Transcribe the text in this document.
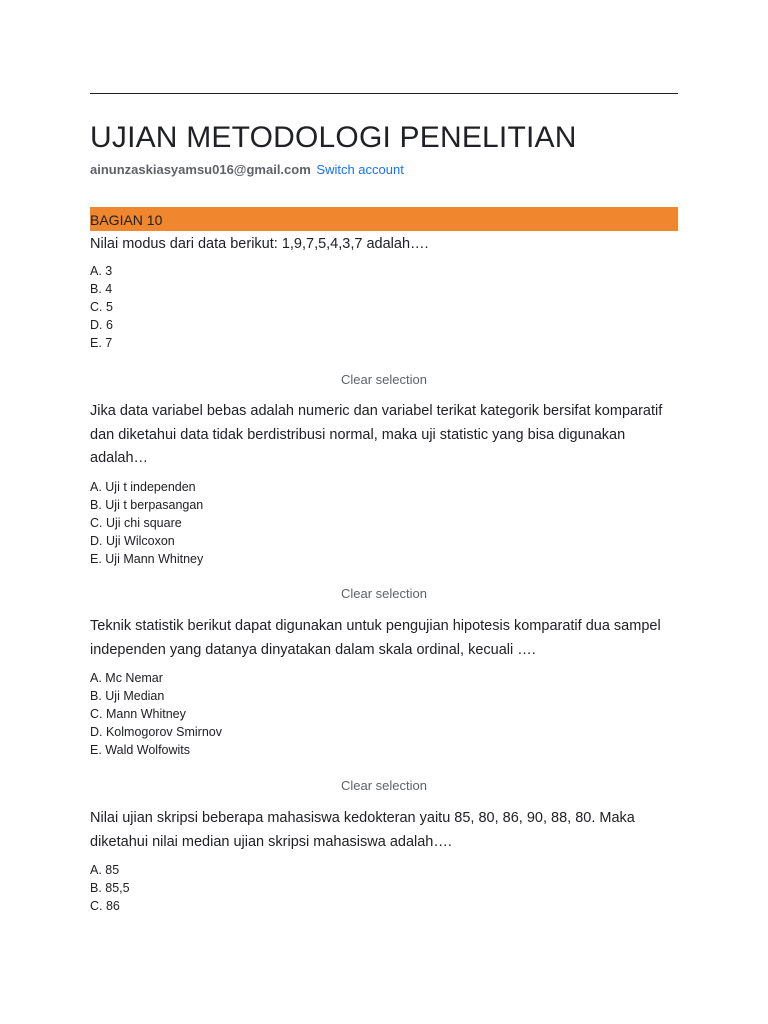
UJIAN METODOLOGI PENELITIAN
ainunzaskiasyamsu016@gmail.com Switch account
BAGIAN 10

Nilai modus dari data berikut: 1,9,7,5,4,3,7 adalah….

A. 3
B. 4
C. 5
D. 6
E. 7
Clear selection

Jika data variabel bebas adalah numeric dan variabel terikat kategorik bersifat komparatif dan diketahui data tidak berdistribusi normal, maka uji statistic yang bisa digunakan adalah…

A. Uji t independen
B. Uji t berpasangan
C. Uji chi square
D. Uji Wilcoxon
E. Uji Mann Whitney
Clear selection

Teknik statistik berikut dapat digunakan untuk pengujian hipotesis komparatif dua sampel independen yang datanya dinyatakan dalam skala ordinal, kecuali ….

A. Mc Nemar
B. Uji Median
C. Mann Whitney
D. Kolmogorov Smirnov
E. Wald Wolfowits
Clear selection

Nilai ujian skripsi beberapa mahasiswa kedokteran yaitu 85, 80, 86, 90, 88, 80. Maka diketahui nilai median ujian skripsi mahasiswa adalah….

A. 85
B. 85,5
C. 86
